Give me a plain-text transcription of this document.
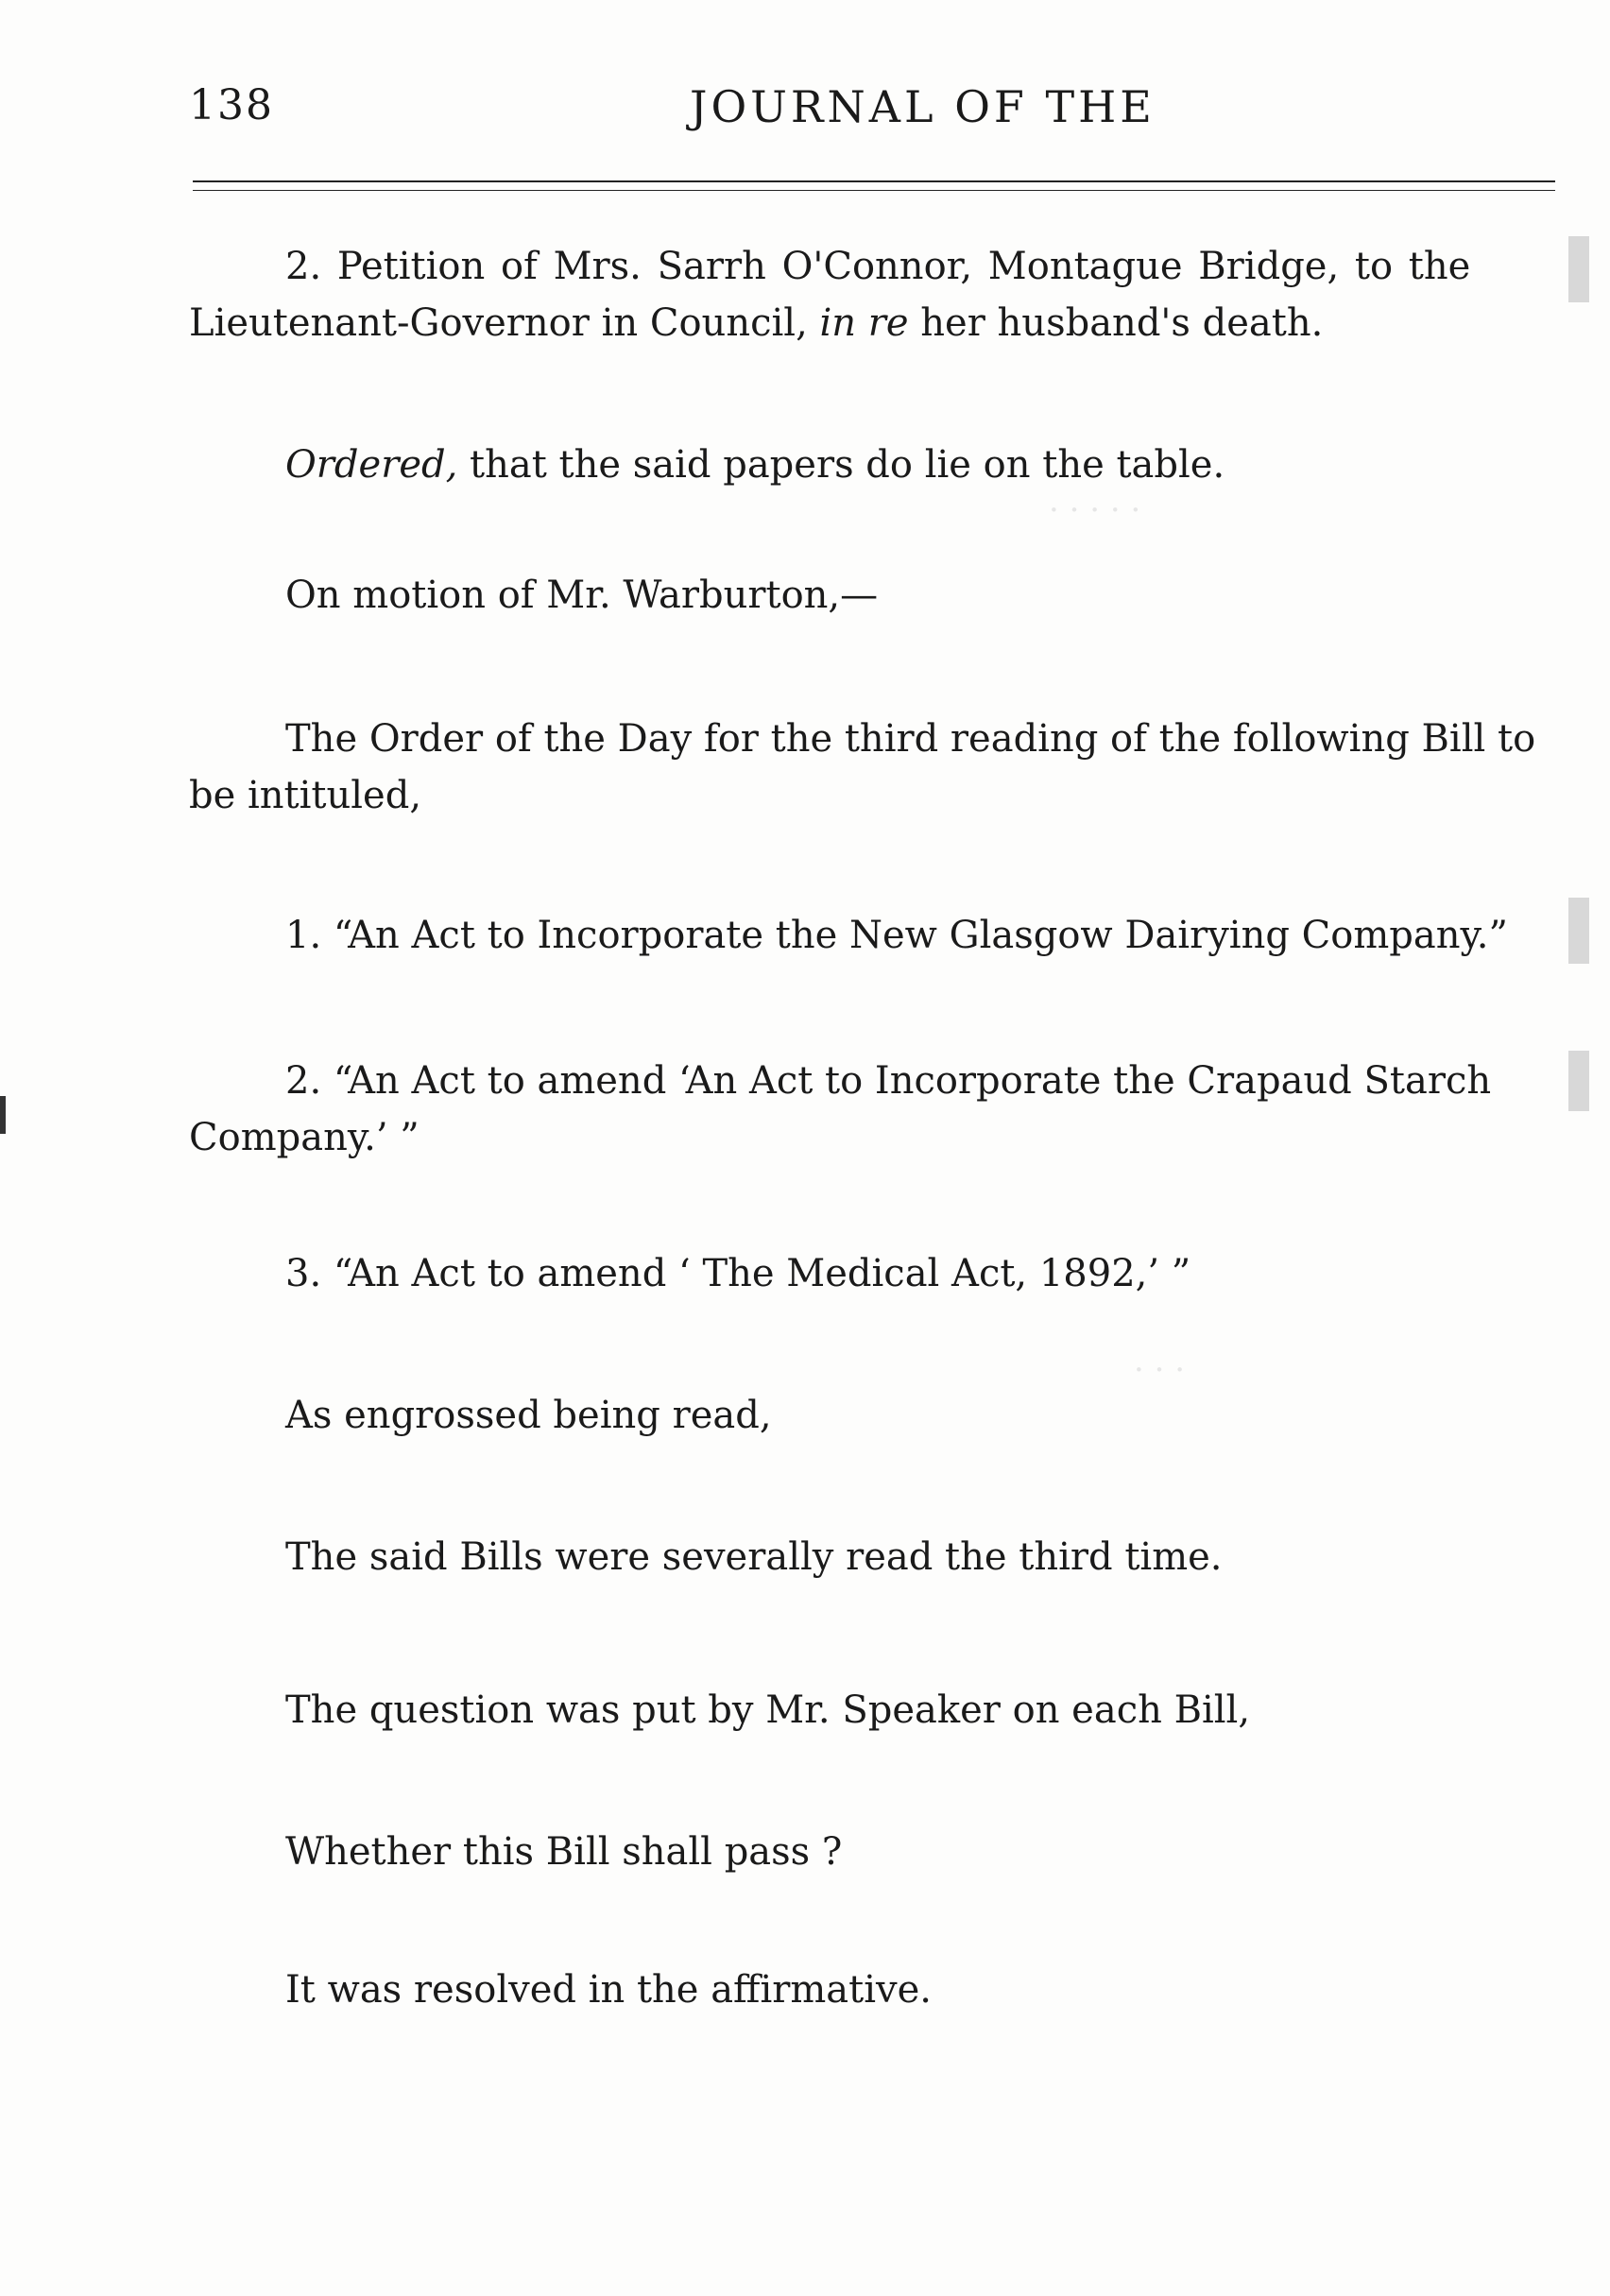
· · · · ·
· · ·
138	JOURNAL OF THE
2. Petition of Mrs. Sarrh O'Connor, Montague Bridge, to the
Lieutenant-Governor in Council, in re her husband's death.
Ordered, that the said papers do lie on the table.
On motion of Mr. Warburton,—
The Order of the Day for the third reading of the following Bill to
be intituled,
1. “An Act to Incorporate the New Glasgow Dairying Company.”
2. “An Act to amend ‘An Act to Incorporate the Crapaud Starch
Company.’ ”
3. “An Act to amend ‘ The Medical Act, 1892,’ ”
As engrossed being read,
The said Bills were severally read the third time.
The question was put by Mr. Speaker on each Bill,
Whether this Bill shall pass ?
It was resolved in the affirmative.
